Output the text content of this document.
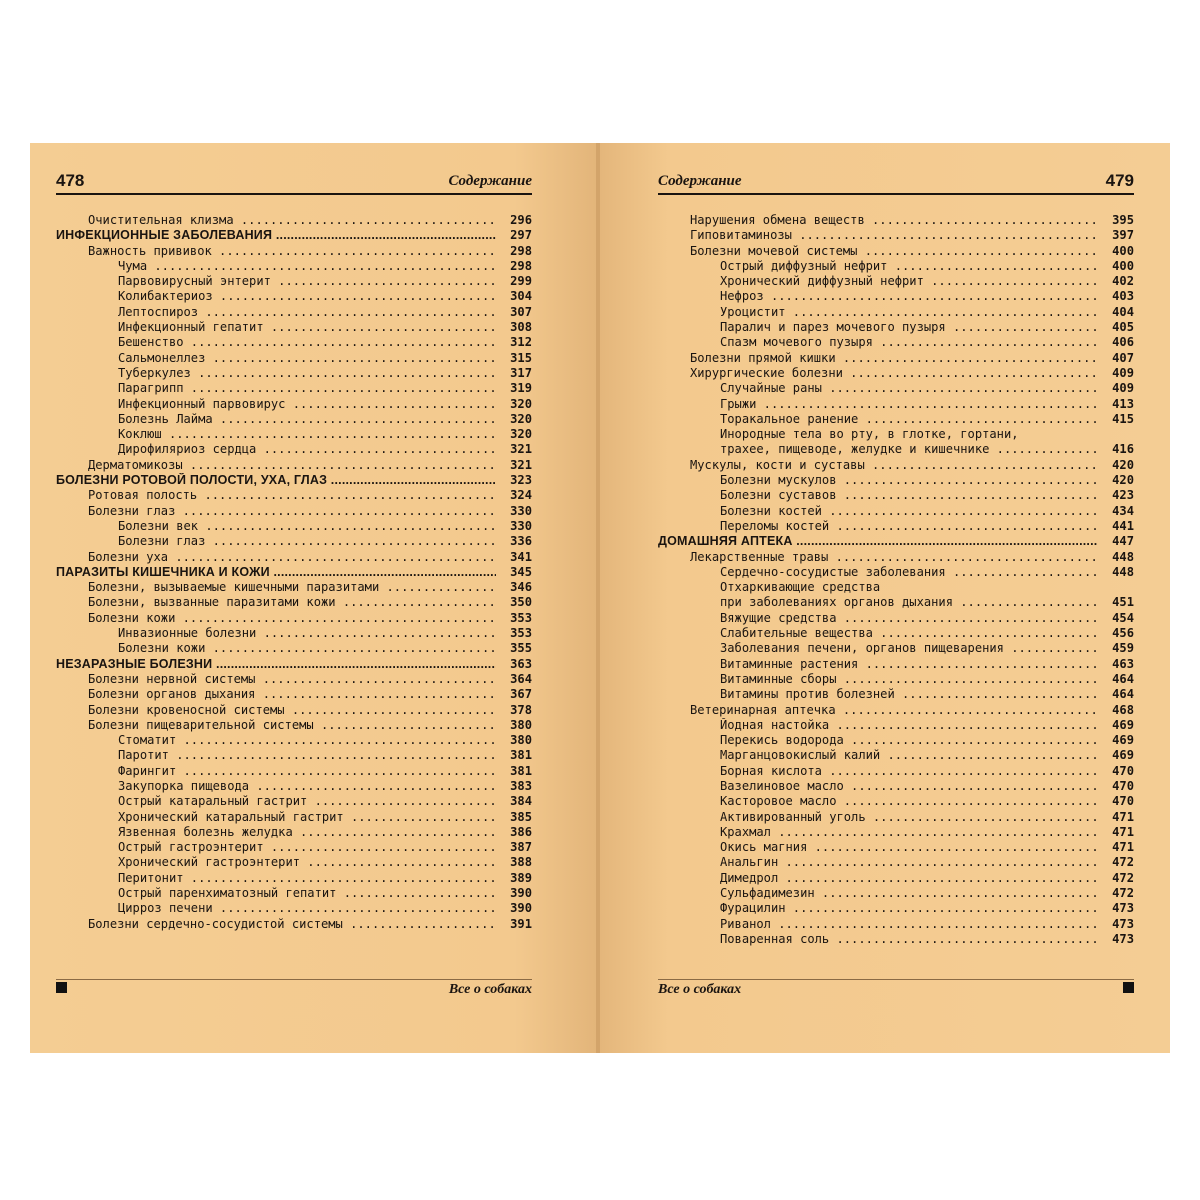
478	Содержание
Очистительная клизма .....	296
ИНФЕКЦИОННЫЕ ЗАБОЛЕВАНИЯ .....	297
Важность прививок .....	298
Чума .....	298
Парвовирусный энтерит .....	299
Колибактериоз .....	304
Лептоспироз .....	307
Инфекционный гепатит .....	308
Бешенство .....	312
Сальмонеллез .....	315
Туберкулез .....	317
Парагрипп .....	319
Инфекционный парвовирус .....	320
Болезнь Лайма .....	320
Коклюш .....	320
Дирофиляриоз сердца .....	321
Дерматомикозы .....	321
БОЛЕЗНИ РОТОВОЙ ПОЛОСТИ, УХА, ГЛАЗ .....	323
Ротовая полость .....	324
Болезни глаз .....	330
Болезни век .....	330
Болезни глаз .....	336
Болезни уха .....	341
ПАРАЗИТЫ КИШЕЧНИКА И КОЖИ .....	345
Болезни, вызываемые кишечными паразитами .....	346
Болезни, вызванные паразитами кожи .....	350
Болезни кожи .....	353
Инвазионные болезни .....	353
Болезни кожи .....	355
НЕЗАРАЗНЫЕ БОЛЕЗНИ .....	363
Болезни нервной системы .....	364
Болезни органов дыхания .....	367
Болезни кровеносной системы .....	378
Болезни пищеварительной системы .....	380
Стоматит .....	380
Паротит .....	381
Фарингит .....	381
Закупорка пищевода .....	383
Острый катаральный гастрит .....	384
Хронический катаральный гастрит .....	385
Язвенная болезнь желудка .....	386
Острый гастроэнтерит .....	387
Хронический гастроэнтерит .....	388
Перитонит .....	389
Острый паренхиматозный гепатит .....	390
Цирроз печени .....	390
Болезни сердечно-сосудистой системы .....	391
Все о собаках
Содержание	479
Нарушения обмена веществ .....	395
Гиповитаминозы .....	397
Болезни мочевой системы .....	400
Острый диффузный нефрит .....	400
Хронический диффузный нефрит .....	402
Нефроз .....	403
Уроцистит .....	404
Паралич и парез мочевого пузыря .....	405
Спазм мочевого пузыря .....	406
Болезни прямой кишки .....	407
Хирургические болезни .....	409
Случайные раны .....	409
Грыжи .....	413
Торакальное ранение .....	415
Инородные тела во рту, в глотке, гортани,
трахее, пищеводе, желудке и кишечнике .....	416
Мускулы, кости и суставы .....	420
Болезни мускулов .....	420
Болезни суставов .....	423
Болезни костей .....	434
Переломы костей .....	441
ДОМАШНЯЯ АПТЕКА .....	447
Лекарственные травы .....	448
Сердечно-сосудистые заболевания .....	448
Отхаркивающие средства
при заболеваниях органов дыхания .....	451
Вяжущие средства .....	454
Слабительные вещества .....	456
Заболевания печени, органов пищеварения .....	459
Витаминные растения .....	463
Витаминные сборы .....	464
Витамины против болезней .....	464
Ветеринарная аптечка .....	468
Йодная настойка .....	469
Перекись водорода .....	469
Марганцовокислый калий .....	469
Борная кислота .....	470
Вазелиновое масло .....	470
Касторовое масло .....	470
Активированный уголь .....	471
Крахмал .....	471
Окись магния .....	471
Анальгин .....	472
Димедрол .....	472
Сульфадимезин .....	472
Фурацилин .....	473
Риванол .....	473
Поваренная соль .....	473
Все о собаках
